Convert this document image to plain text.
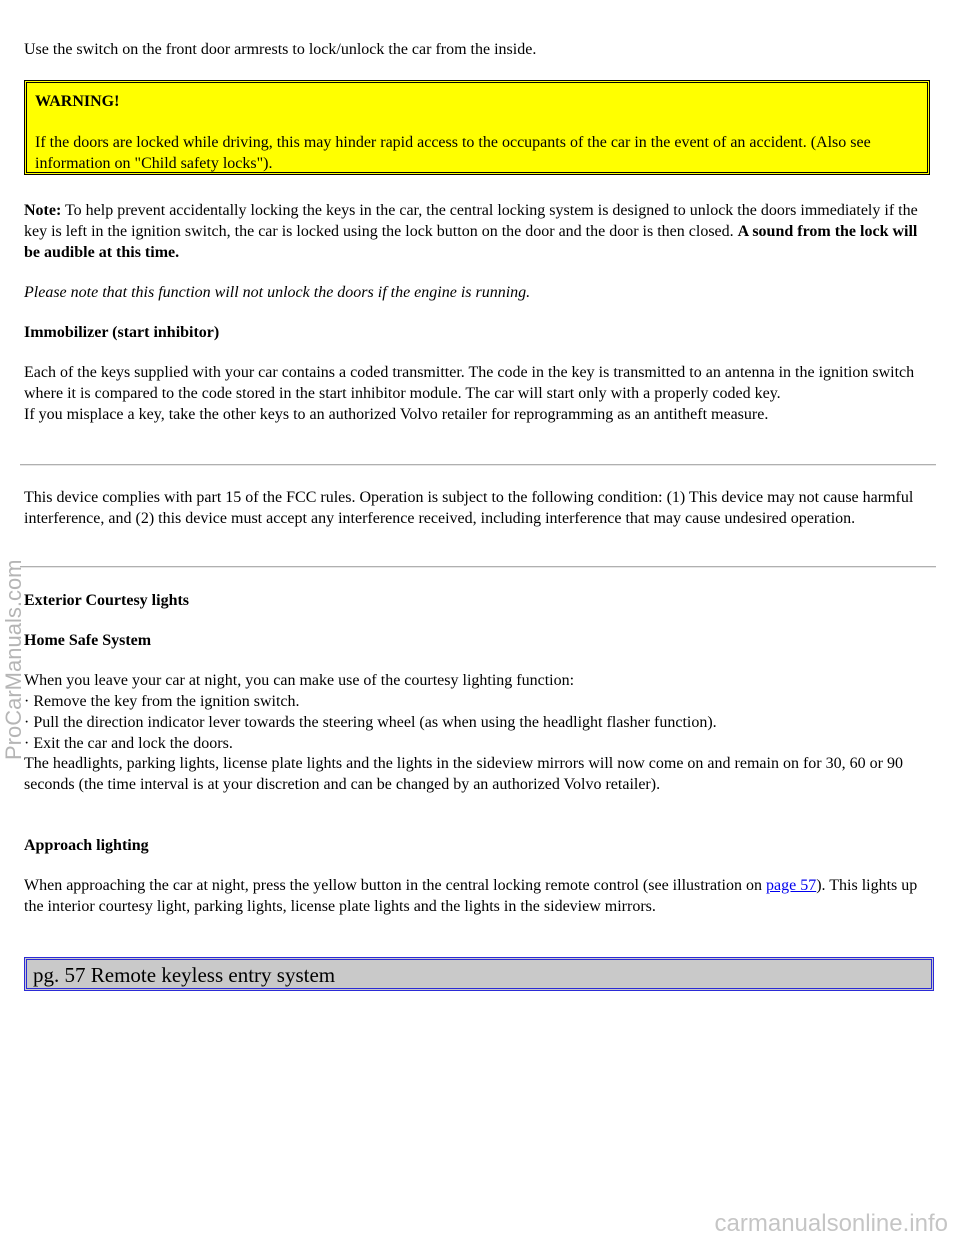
Use the switch on the front door armrests to lock/unlock the car from the inside.

WARNING!

If the doors are locked while driving, this may hinder rapid access to the occupants of the car in the event of an accident. (Also see information on "Child safety locks").

Note: To help prevent accidentally locking the keys in the car, the central locking system is designed to unlock the doors immediately if the key is left in the ignition switch, the car is locked using the lock button on the door and the door is then closed. A sound from the lock will be audible at this time.

Please note that this function will not unlock the doors if the engine is running.

Immobilizer (start inhibitor)

Each of the keys supplied with your car contains a coded transmitter. The code in the key is transmitted to an antenna in the ignition switch where it is compared to the code stored in the start inhibitor module. The car will start only with a properly coded key.

If you misplace a key, take the other keys to an authorized Volvo retailer for reprogramming as an antitheft measure.

This device complies with part 15 of the FCC rules. Operation is subject to the following condition: (1) This device may not cause harmful interference, and (2) this device must accept any interference received, including interference that may cause undesired operation.

Exterior Courtesy lights

Home Safe System

When you leave your car at night, you can make use of the courtesy lighting function:
· Remove the key from the ignition switch.
· Pull the direction indicator lever towards the steering wheel (as when using the headlight flasher function).
· Exit the car and lock the doors.

The headlights, parking lights, license plate lights and the lights in the sideview mirrors will now come on and remain on for 30, 60 or 90 seconds (the time interval is at your discretion and can be changed by an authorized Volvo retailer).

Approach lighting

When approaching the car at night, press the yellow button in the central locking remote control (see illustration on page 57). This lights up the interior courtesy light, parking lights, license plate lights and the lights in the sideview mirrors.

pg. 57 Remote keyless entry system
ProCarManuals.com
carmanualsonline.info
